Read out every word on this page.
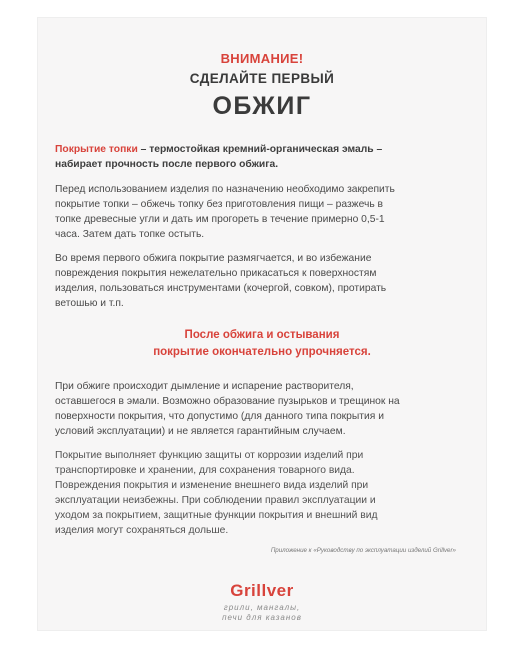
ВНИМАНИЕ!
СДЕЛАЙТЕ ПЕРВЫЙ
ОБЖИГ
Покрытие топки – термостойкая кремний-органическая эмаль –
набирает прочность после первого обжига.
Перед использованием изделия по назначению необходимо закрепить
покрытие топки – обжечь топку без приготовления пищи – разжечь в
топке древесные угли и дать им прогореть в течение примерно 0,5-1
часа. Затем дать топке остыть.
Во время первого обжига покрытие размягчается, и во избежание
повреждения покрытия нежелательно прикасаться к поверхностям
изделия, пользоваться инструментами (кочергой, совком), протирать
ветошью и т.п.
После обжига и остывания
покрытие окончательно упрочняется.
При обжиге происходит дымление и испарение растворителя,
оставшегося в эмали. Возможно образование пузырьков и трещинок на
поверхности покрытия, что допустимо (для данного типа покрытия и
условий эксплуатации) и не является гарантийным случаем.
Покрытие выполняет функцию защиты от коррозии изделий при
транспортировке и хранении, для сохранения товарного вида.
Повреждения покрытия и изменение внешнего вида изделий при
эксплуатации неизбежны. При соблюдении правил эксплуатации и
уходом за покрытием, защитные функции покрытия и внешний вид
изделия могут сохраняться дольше.
Приложение к «Руководству по эксплуатации изделий Grillver»
Grillver
грили, мангалы,
печи для казанов
